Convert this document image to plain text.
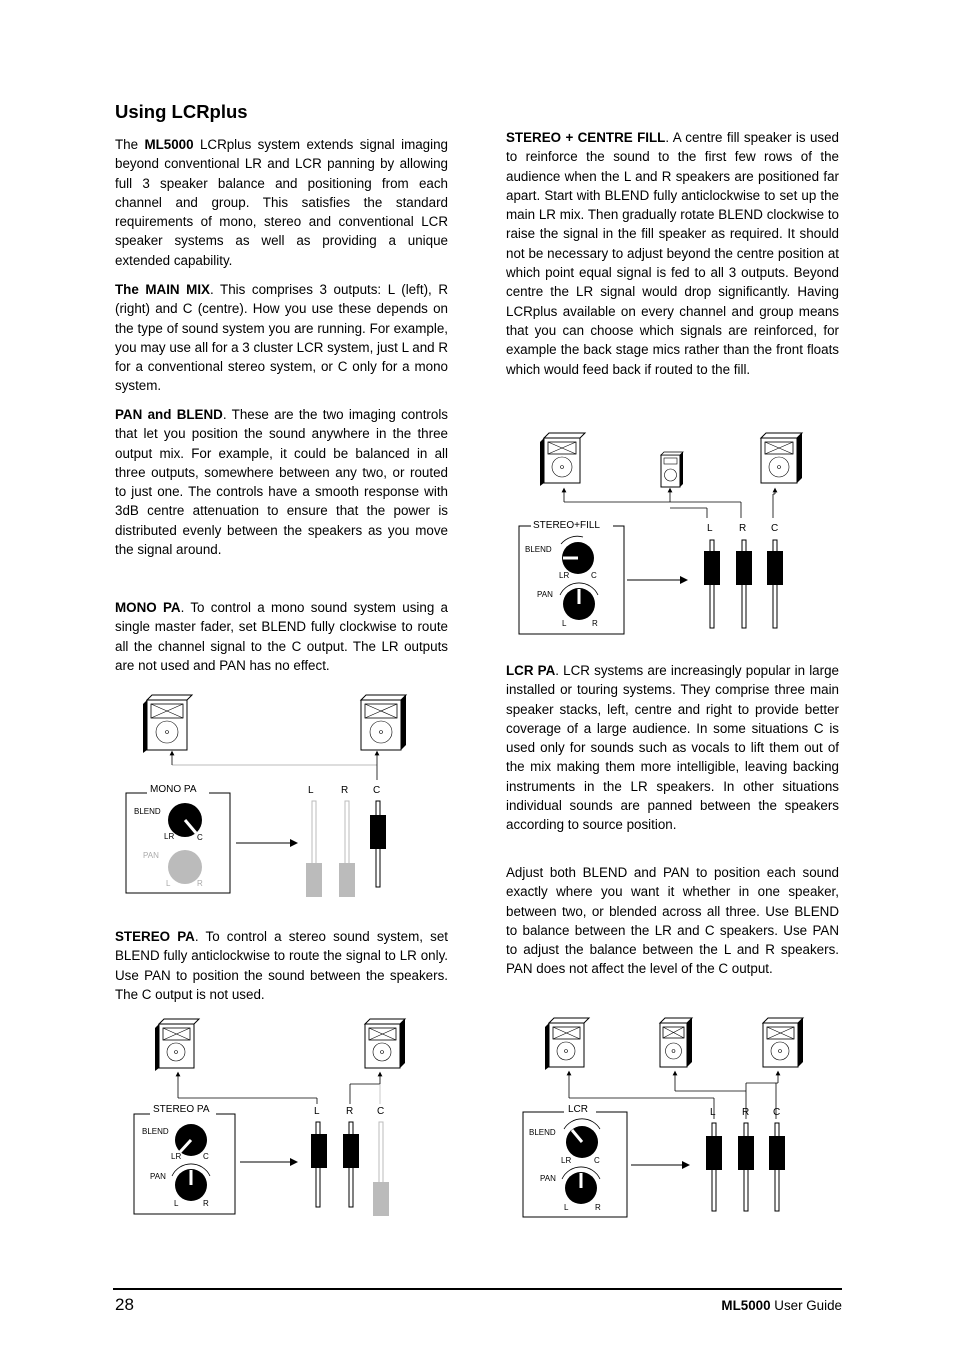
Using LCRplus

The ML5000 LCRplus system extends signal imaging beyond conventional LR and LCR panning by allowing full 3 speaker balance and positioning from each channel and group. This satisfies the standard requirements of mono, stereo and conventional LCR speaker systems as well as providing a unique extended capability.

The MAIN MIX. This comprises 3 outputs: L (left), R (right) and C (centre). How you use these depends on the type of sound system you are running. For example, you may use all for a 3 cluster LCR system, just L and R for a conventional stereo system, or C only for a mono system.

PAN and BLEND. These are the two imaging controls that let you position the sound anywhere in the three output mix. For example, it could be balanced in all three outputs, somewhere between any two, or routed to just one. The controls have a smooth response with 3dB centre attenuation to ensure that the power is distributed evenly between the speakers as you move the signal around.

MONO PA. To control a mono sound system using a single master fader, set BLEND fully clockwise to route all the channel signal to the C output. The LR outputs are not used and PAN has no effect.

STEREO PA. To control a stereo sound system, set BLEND fully anticlockwise to route the signal to LR only. Use PAN to position the sound between the speakers. The C output is not used.

STEREO + CENTRE FILL. A centre fill speaker is used to reinforce the sound to the first few rows of the audience when the L and R speakers are positioned far apart. Start with BLEND fully anticlockwise to set up the main LR mix. Then gradually rotate BLEND clockwise to raise the signal in the fill speaker as required. It should not be necessary to adjust beyond the centre position at which point equal signal is fed to all 3 outputs. Beyond centre the LR signal would drop significantly. Having LCRplus available on every channel and group means that you can choose which signals are reinforced, for example the back stage mics rather than the front floats which would feed back if routed to the fill.

LCR PA. LCR systems are increasingly popular in large installed or touring systems. They comprise three main speaker stacks, left, centre and right to provide better coverage of a large audience. In some situations C is used only for sounds such as vocals to lift them out of the mix making them more intelligible, leaving backing instruments in the LR speakers. In other situations individual sounds are panned between the speakers according to source position.

Adjust both BLEND and PAN to position each sound exactly where you want it whether in one speaker, between two, or blended across all three. Use BLEND to balance between the LR and C speakers. Use PAN to adjust the balance between the L and R speakers. PAN does not affect the level of the C output.

MONO PA
BLEND
LR	C
PAN
L	R
L	R C
STEREO PA
BLEND
LR	C
PAN
L	R
L	R C
STEREO+FILL
BLEND
LR	C
PAN
L	R
L	R C
LCR
BLEND
LR	C
PAN
L	R
L	R C
28	ML5000 User Guide
